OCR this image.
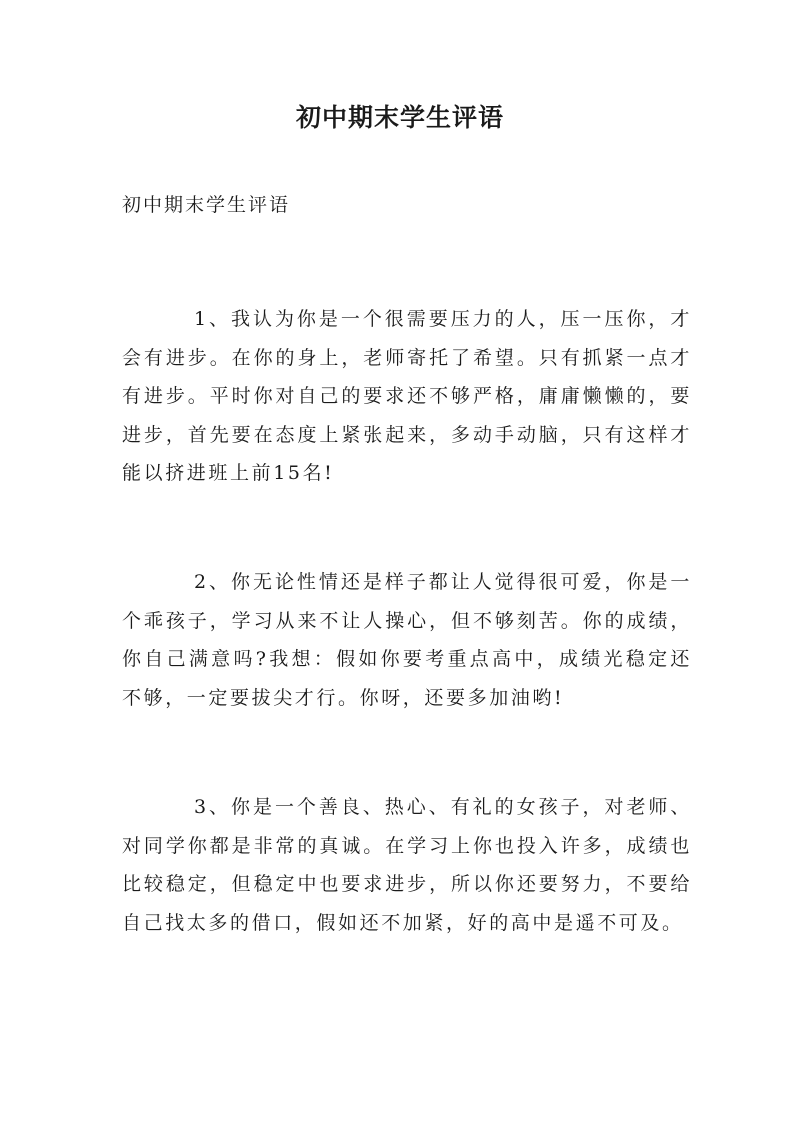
初中期末学生评语

初中期末学生评语

1、我认为你是一个很需要压力的人，压一压你，才会有进步。在你的身上，老师寄托了希望。只有抓紧一点才有进步。平时你对自己的要求还不够严格，庸庸懒懒的，要进步，首先要在态度上紧张起来，多动手动脑，只有这样才能以挤进班上前15名!

2、你无论性情还是样子都让人觉得很可爱，你是一个乖孩子，学习从来不让人操心，但不够刻苦。你的成绩，你自己满意吗?我想：假如你要考重点高中，成绩光稳定还不够，一定要拔尖才行。你呀，还要多加油哟!

3、你是一个善良、热心、有礼的女孩子，对老师、对同学你都是非常的真诚。在学习上你也投入许多，成绩也比较稳定，但稳定中也要求进步，所以你还要努力，不要给自己找太多的借口，假如还不加紧，好的高中是遥不可及。
